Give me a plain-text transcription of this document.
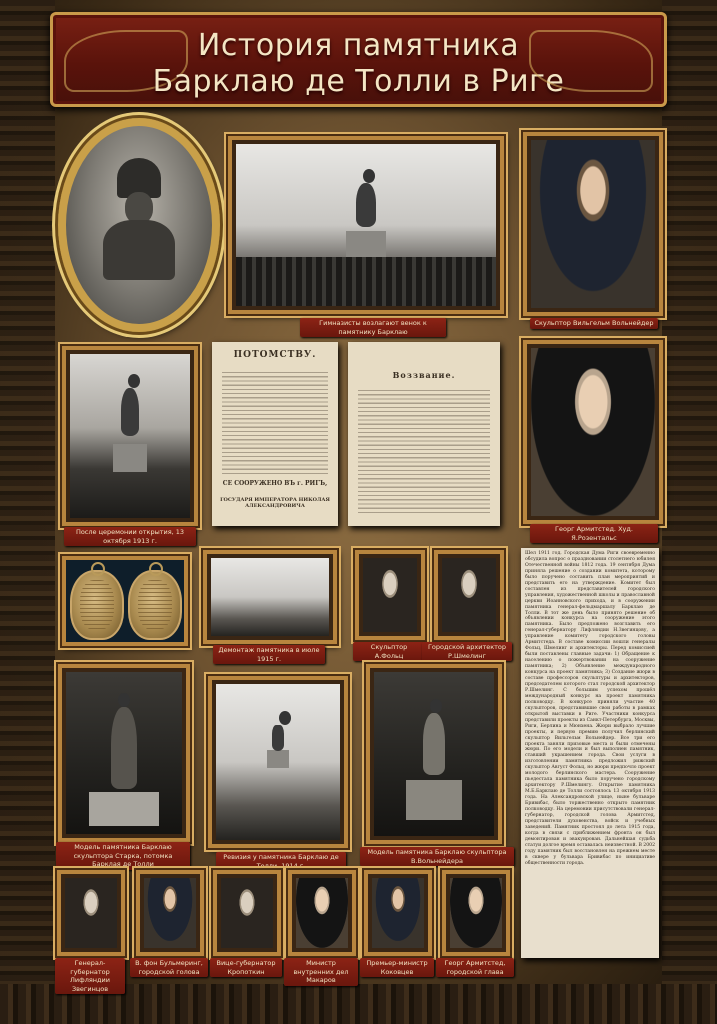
История памятника
Барклаю де Толли в Риге
Гимназисты возлагают венок к памятнику Барклаю
Скульптор Вильгельм Вольнейдер
После церемонии открытия, 13 октября 1913 г.
ПОТОМСТВУ.
СЕ СООРУЖЕНО ВЪ г. РИГЪ,
ГОСУДАРЯ ИМПЕРАТОРА НИКОЛАЯ АЛЕКСАНДРОВИЧА
Воззвание.
Георг Армитстед. Худ. Я.Розентальс
Демонтаж памятника в июле 1915 г.
Скульптор А.Фольц
Городской архитектор Р.Шмелинг
Модель памятника Барклаю скульптора Старка, потомка Барклая де Толли
Ревизия у памятника Барклаю де Толли, 1914 г.
Модель памятника Барклаю скульптора В.Вольнейдера
Шел 1911 год. Городская Дума Риги своевременно обсудила вопрос о праздновании столетнего юбилея Отечественной войны 1812 года. 19 сентября Дума приняла решение о создании комитета, которому было поручено составить план мероприятий и представить его на утверждение. Комитет был составлен из представителей городского управления, художественной школы и православной церкви Иоанновского прихода, и в сооружении памятника генерал-фельдмаршалу Барклаю де Толли. В тот же день было принято решение об объявлении конкурса на сооружение этого памятника. Было предложено возглавить его генерал-губернатору Лифляндии Н.Звегинцову, а управление комитету городского головы Армитстеда. В составе комиссии вошли генералы Фольц, Шмелинг и архитекторы. Перед комиссией были поставлены главные задачи: 1) Обращение к населению о пожертвовании на сооружение памятника; 2) Объявление международного конкурса на проект памятника; 3) Создание жюри в составе профессоров скульптуры и архитекторов, председателем которого стал городской архитектор Р.Шмелинг. С большим успехом прошёл международный конкурс на проект памятника полководцу. В конкурсе приняли участие 40 скульпторов, представившие свои работы в рамках открытой выставки в Риге. Участники конкурса представили проекты из Санкт-Петербурга, Москвы, Риги, Берлина и Мюнхена. Жюри выбрало лучшие проекты, и первую премию получил берлинский скульптор Вильгельм Вольнейдер. Все три его проекта заняли призовые места и были отмечены жюри. По его модели и был выполнен памятник, ставший украшением города. Свои услуги в изготовлении памятника предложил рижский скульптор Август Фольц, но жюри предпочло проект молодого берлинского мастера. Сооружение пьедестала памятника было поручено городскому архитектору Р.Шмелингу. Открытие памятника М.Б.Барклаю де Толли состоялось 13 октября 1913 года. На Александровской улице, ныне бульваре Бривибас, было торжественно открыто памятник полководцу. На церемонии присутствовали генерал-губернатор, городской голова Армитстед, представители духовенства, войск и учебных заведений. Памятник простоял до лета 1915 года, когда в связи с приближением фронта он был демонтирован и эвакуирован. Дальнейшая судьба статуи долгое время оставалась неизвестной. В 2002 году памятник был восстановлен на прежнем месте в сквере у бульвара Бривибас по инициативе общественности города.
Генерал-губернатор Лифляндии Звегинцов
В. фон Бульмеринг, городской голова
Вице-губернатор Кропоткин
Министр внутренних дел Макаров
Премьер-министр Коковцев
Георг Армитстед, городской глава
